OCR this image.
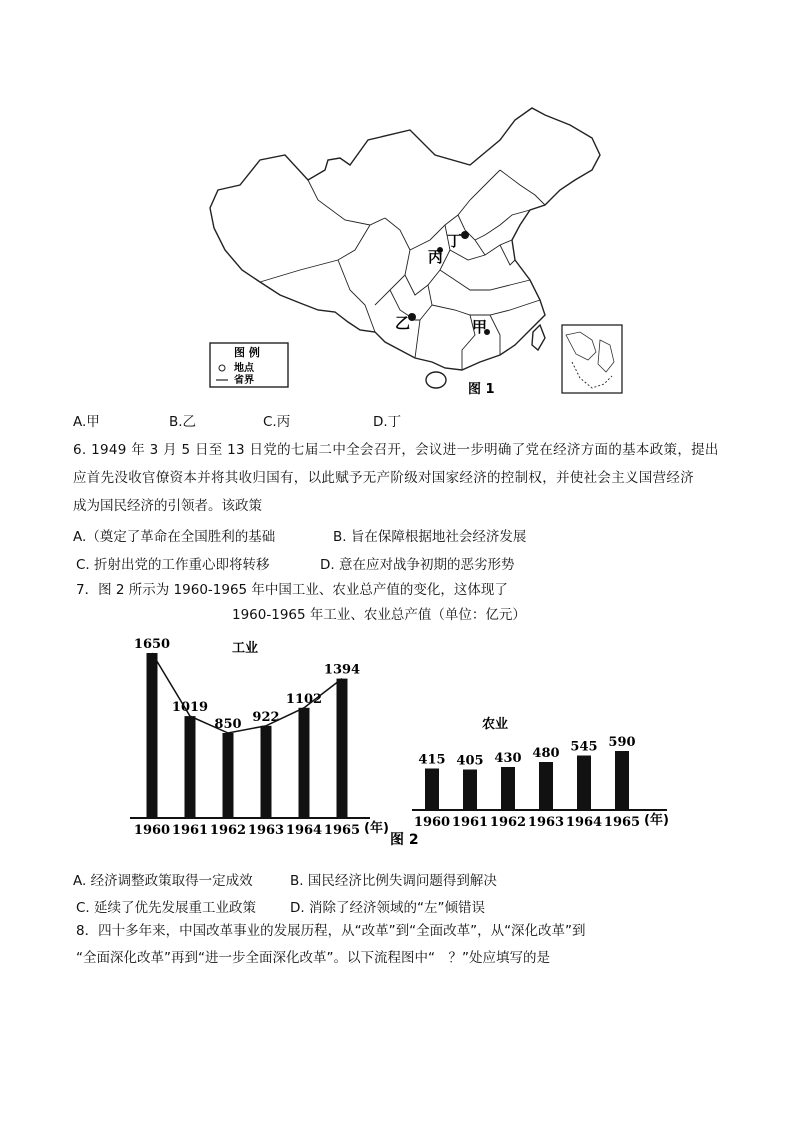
丁
丙
乙	甲
图 例
地点
省界
图 1
A.甲	B.乙	C.丙	D.丁
6. 1949 年 3 月 5 日至 13 日党的七届二中全会召开，会议进一步明确了党在经济方面的基本政策，提出
应首先没收官僚资本并将其收归国有，以此赋予无产阶级对国家经济的控制权，并使社会主义国营经济
成为国民经济的引领者。该政策
A.（奠定了革命在全国胜利的基础	B. 旨在保障根据地社会经济发展
C. 折射出党的工作重心即将转移	D. 意在应对战争初期的恶劣形势
7．图 2 所示为 1960-1965 年中国工业、农业总产值的变化，这体现了
1960-1965 年工业、农业总产值（单位：亿元）
1650
1960
1019
1961
850
1962
922
1963
1102
1964
1394
1965 (年)
工业
415
1960
405
1961
430
1962
480
1963
545
1964
590
1965 (年)
农业
图 2
A. 经济调整政策取得一定成效	B. 国民经济比例失调问题得到解决
C. 延续了优先发展重工业政策	D. 消除了经济领域的“左”倾错误
8．四十多年来，中国改革事业的发展历程，从“改革”到“全面改革”，从“深化改革”到
“全面深化改革”再到“进一步全面深化改革”。以下流程图中“　？”处应填写的是
